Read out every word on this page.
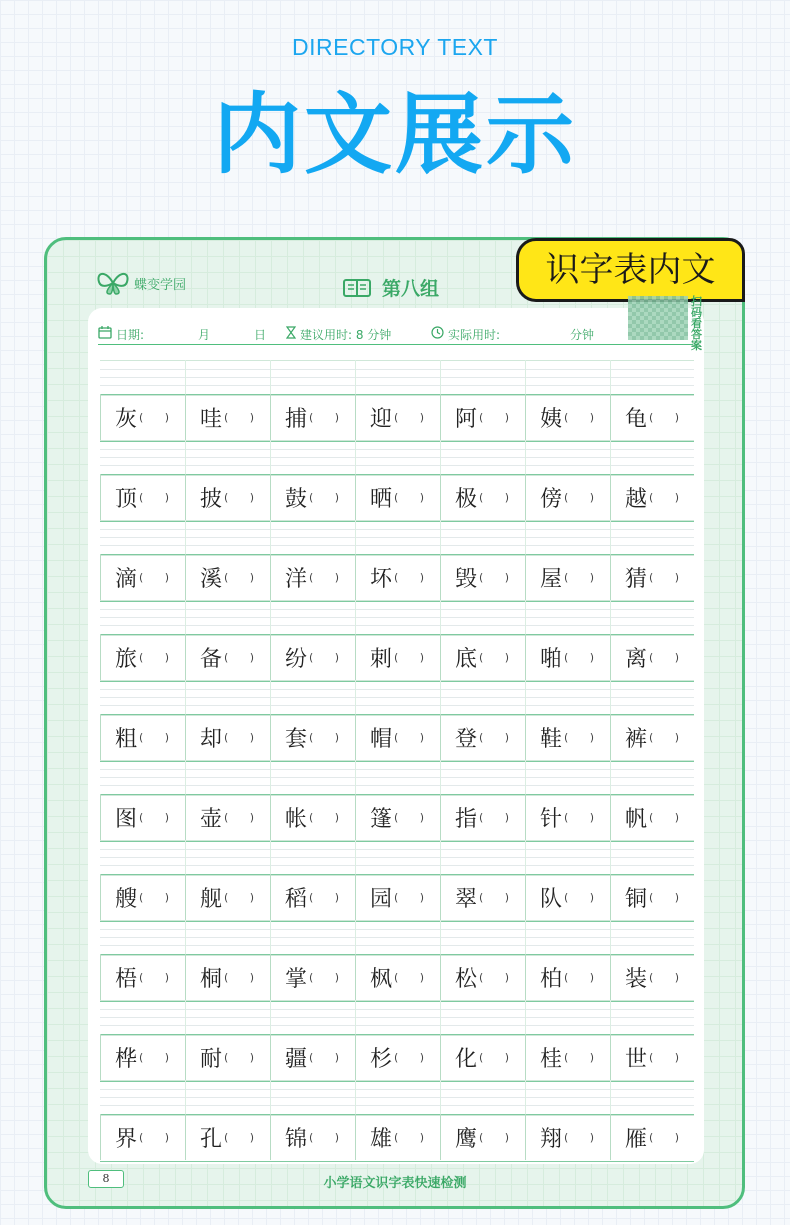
DIRECTORY TEXT
内文展示
蝶变学园	第八组	识字表内文
扫码看答案
日期:	月	日	建议用时: 8 分钟	实际用时:	分钟
灰 ( ) 哇 ( ) 捕 ( ) 迎 ( ) 阿 ( ) 姨 ( ) 龟 ( )
顶 ( ) 披 ( ) 鼓 ( ) 晒 ( ) 极 ( ) 傍 ( ) 越 ( )
滴 ( ) 溪 ( ) 洋 ( ) 坏 ( ) 毁 ( ) 屋 ( ) 猜 ( )
旅 ( ) 备 ( ) 纷 ( ) 刺 ( ) 底 ( ) 啪 ( ) 离 ( )
粗 ( ) 却 ( ) 套 ( ) 帽 ( ) 登 ( ) 鞋 ( ) 裤 ( )
图 ( ) 壶 ( ) 帐 ( ) 篷 ( ) 指 ( ) 针 ( ) 帆 ( )
艘 ( ) 舰 ( ) 稻 ( ) 园 ( ) 翠 ( ) 队 ( ) 铜 ( )
梧 ( ) 桐 ( ) 掌 ( ) 枫 ( ) 松 ( ) 柏 ( ) 装 ( )
桦 ( ) 耐 ( ) 疆 ( ) 杉 ( ) 化 ( ) 桂 ( ) 世 ( )
界 ( ) 孔 ( ) 锦 ( ) 雄 ( ) 鹰 ( ) 翔 ( ) 雁 ( )
8	小学语文识字表快速检测
